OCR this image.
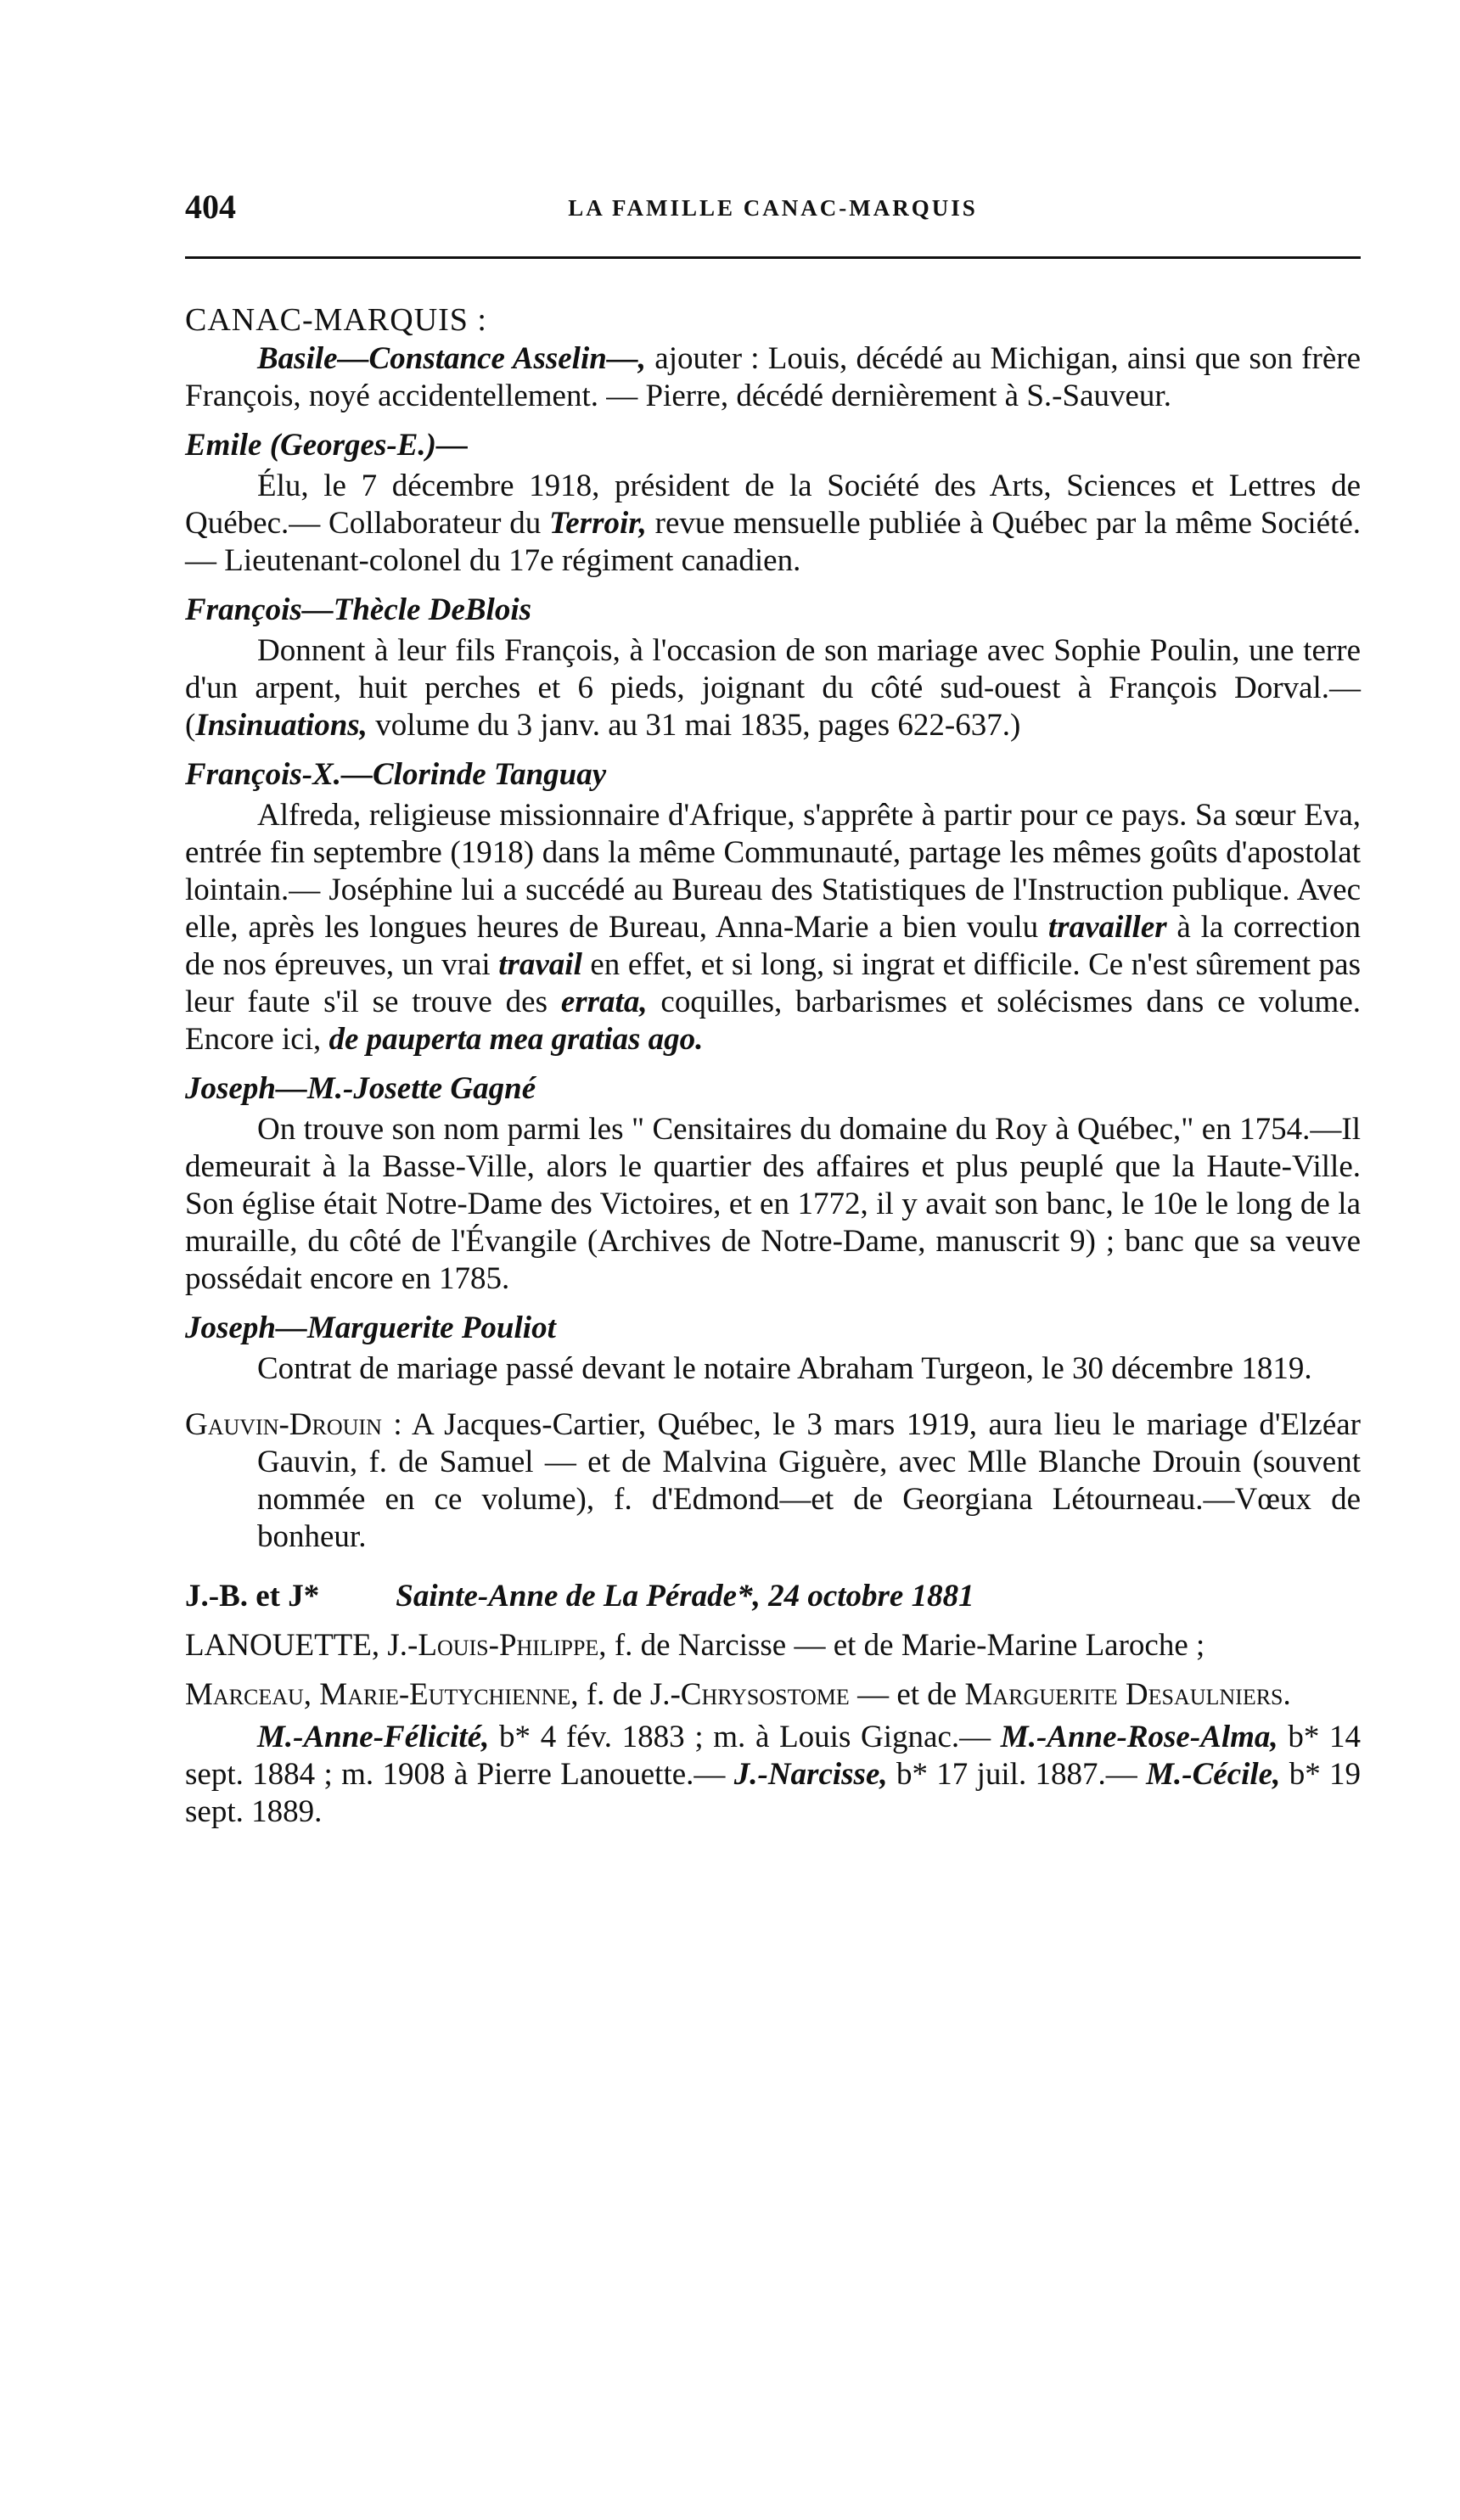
404	LA FAMILLE CANAC-MARQUIS
CANAC-MARQUIS :

Basile—Constance Asselin—, ajouter : Louis, décédé au Michigan, ainsi que son frère François, noyé accidentellement. — Pierre, décédé dernièrement à S.-Sauveur.

Emile (Georges-E.)—

Élu, le 7 décembre 1918, président de la Société des Arts, Sciences et Lettres de Québec.— Collaborateur du Terroir, revue mensuelle publiée à Québec par la même Société.— Lieutenant-colonel du 17e régiment canadien.

François—Thècle DeBlois

Donnent à leur fils François, à l'occasion de son mariage avec Sophie Poulin, une terre d'un arpent, huit perches et 6 pieds, joignant du côté sud-ouest à François Dorval.— (Insinuations, volume du 3 janv. au 31 mai 1835, pages 622-637.)

François-X.—Clorinde Tanguay

Alfreda, religieuse missionnaire d'Afrique, s'apprête à partir pour ce pays. Sa sœur Eva, entrée fin septembre (1918) dans la même Communauté, partage les mêmes goûts d'apostolat lointain.— Joséphine lui a succédé au Bureau des Statistiques de l'Instruction publique. Avec elle, après les longues heures de Bureau, Anna-Marie a bien voulu travailler à la correction de nos épreuves, un vrai travail en effet, et si long, si ingrat et difficile. Ce n'est sûrement pas leur faute s'il se trouve des errata, coquilles, barbarismes et solécismes dans ce volume. Encore ici, de pauperta mea gratias ago.

Joseph—M.-Josette Gagné

On trouve son nom parmi les " Censitaires du domaine du Roy à Québec," en 1754.—Il demeurait à la Basse-Ville, alors le quartier des affaires et plus peuplé que la Haute-Ville. Son église était Notre-Dame des Victoires, et en 1772, il y avait son banc, le 10e le long de la muraille, du côté de l'Évangile (Archives de Notre-Dame, manuscrit 9) ; banc que sa veuve possédait encore en 1785.

Joseph—Marguerite Pouliot

Contrat de mariage passé devant le notaire Abraham Turgeon, le 30 décembre 1819.

Gauvin-Drouin : A Jacques-Cartier, Québec, le 3 mars 1919, aura lieu le mariage d'Elzéar Gauvin, f. de Samuel — et de Malvina Giguère, avec Mlle Blanche Drouin (souvent nommée en ce volume), f. d'Edmond—et de Georgiana Létourneau.—Vœux de bonheur.

J.-B. et J* Sainte-Anne de La Pérade*, 24 octobre 1881

LANOUETTE, J.-Louis-Philippe, f. de Narcisse — et de Marie-Marine Laroche ;

Marceau, Marie-Eutychienne, f. de J.-Chrysostome — et de Marguerite Desaulniers.

M.-Anne-Félicité, b* 4 fév. 1883 ; m. à Louis Gignac.— M.-Anne-Rose-Alma, b* 14 sept. 1884 ; m. 1908 à Pierre Lanouette.— J.-Narcisse, b* 17 juil. 1887.— M.-Cécile, b* 19 sept. 1889.
